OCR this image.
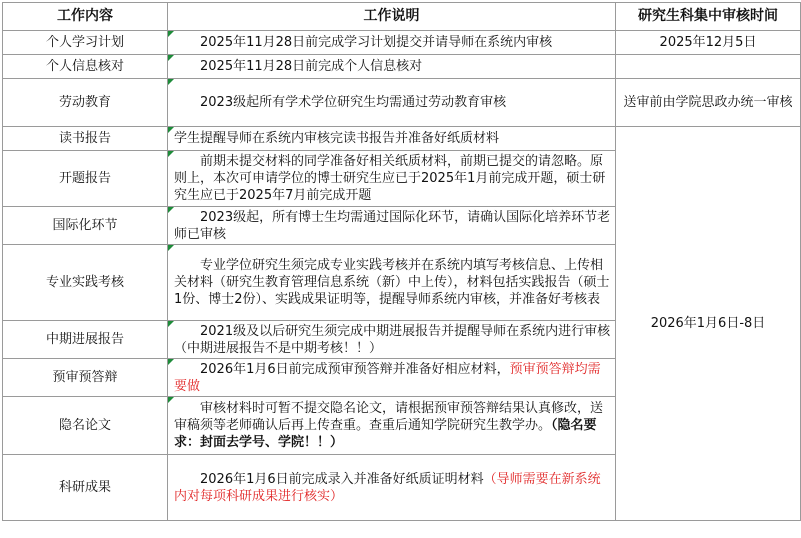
工作内容	工作说明	研究生科集中审核时间	
个人学习计划	2025年11月28日前完成学习计划提交并请导师在系统内审核	2025年12月5日	
个人信息核对	2025年11月28日前完成个人信息核对		
劳动教育	2023级起所有学术学位研究生均需通过劳动教育审核	送审前由学院思政办统一审核	
读书报告	学生提醒导师在系统内审核完读书报告并准备好纸质材料	2026年1月6日-8日	
开题报告	前期未提交材料的同学准备好相关纸质材料，前期已提交的请忽略。原则上，本次可申请学位的博士研究生应已于2025年1月前完成开题，硕士研究生应已于2025年7月前完成开题		
国际化环节	2023级起，所有博士生均需通过国际化环节，请确认国际化培养环节老师已审核		
专业实践考核	专业学位研究生须完成专业实践考核并在系统内填写考核信息、上传相关材料（研究生教育管理信息系统（新）中上传），材料包括实践报告（硕士1份、博士2份）、实践成果证明等，提醒导师系统内审核，并准备好考核表		
中期进展报告	2021级及以后研究生须完成中期进展报告并提醒导师在系统内进行审核（中期进展报告不是中期考核！！）		
预审预答辩	2026年1月6日前完成预审预答辩并准备好相应材料，预审预答辩均需要做		
隐名论文	审核材料时可暂不提交隐名论文，请根据预审预答辩结果认真修改，送审稿须等老师确认后再上传查重。查重后通知学院研究生教学办。（隐名要求：封面去学号、学院！！）		
科研成果	2026年1月6日前完成录入并准备好纸质证明材料（导师需要在新系统内对每项科研成果进行核实）		
